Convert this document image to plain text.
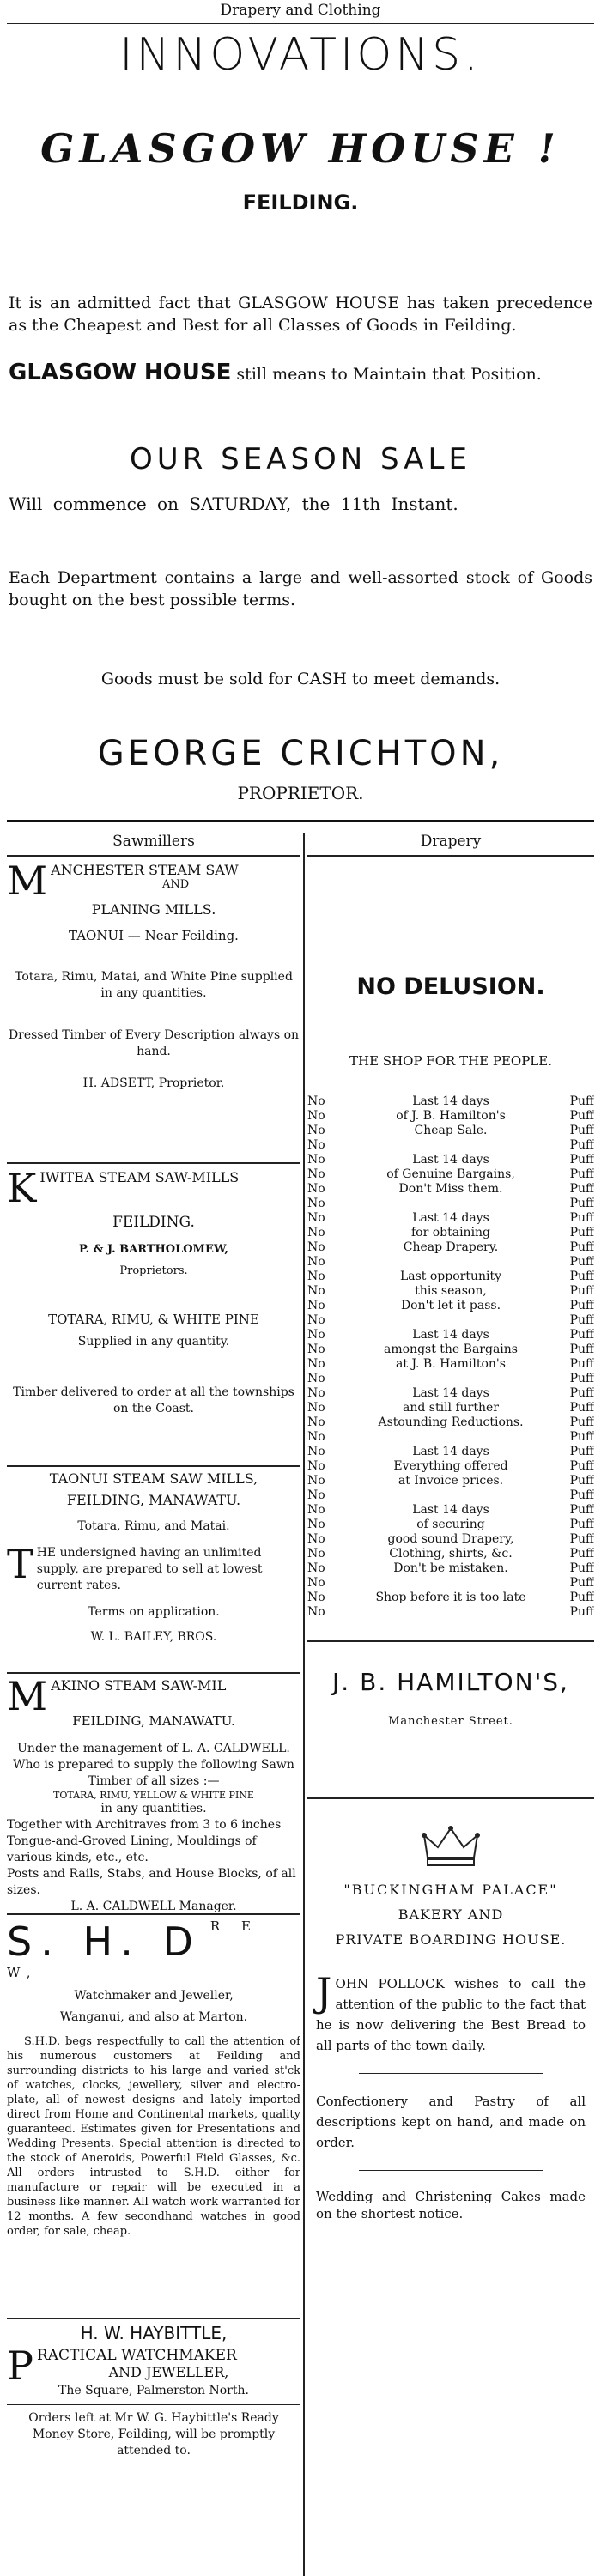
Drapery and Clothing
INNOVATIONS.
GLASGOW HOUSE !
FEILDING.
It is an admitted fact that GLASGOW HOUSE has taken precedence as the Cheapest and Best for all Classes of Goods in Feilding.
GLASGOW HOUSE still means to Maintain that Position.
OUR SEASON SALE
Will commence on SATURDAY, the 11th Instant.
Each Department contains a large and well-assorted stock of Goods bought on the best possible terms.
Goods must be sold for CASH to meet demands.
GEORGE CRICHTON,
PROPRIETOR.
Sawmillers
MANCHESTER STEAM SAW
AND
PLANING MILLS.
TAONUI — Near Feilding.
Totara, Rimu, Matai, and White Pine supplied in any quantities.
Dressed Timber of Every Description always on hand.
H. ADSETT, Proprietor.
KIWITEA STEAM SAW-MILLS
FEILDING.
P. & J. BARTHOLOMEW,
Proprietors.
TOTARA, RIMU, & WHITE PINE
Supplied in any quantity.
Timber delivered to order at all the townships on the Coast.
TAONUI STEAM SAW MILLS,
FEILDING, MANAWATU.
Totara, Rimu, and Matai.
THE undersigned having an unlimited supply, are prepared to sell at lowest current rates.
Terms on application.
W. L. BAILEY, BROS.
MAKINO STEAM SAW-MIL
FEILDING, MANAWATU.
Under the management of L. A. CALDWELL.
Who is prepared to supply the following Sawn Timber of all sizes :—
TOTARA, RIMU, YELLOW & WHITE PINE
in any quantities.
Together with Architraves from 3 to 6 inches Tongue-and-Groved Lining, Mouldings of various kinds, etc., etc.
Posts and Rails, Stabs, and House Blocks, of all sizes.
L. A. CALDWELL Manager.
S. H. D R E W,
Watchmaker and Jeweller,
Wanganui, and also at Marton.
S.H.D. begs respectfully to call the attention of his numerous customers at Feilding and surrounding districts to his large and varied st'ck of watches, clocks, jewellery, silver and electro-plate, all of newest designs and lately imported direct from Home and Continental markets, quality guaranteed. Estimates given for Presentations and Wedding Presents. Special attention is directed to the stock of Aneroids, Powerful Field Glasses, &c. All orders intrusted to S.H.D. either for manufacture or repair will be executed in a business like manner. All watch work warranted for 12 months. A few secondhand watches in good order, for sale, cheap.
H. W. HAYBITTLE,
PRACTICAL WATCHMAKER
AND JEWELLER,
The Square, Palmerston North.
Orders left at Mr W. G. Haybittle's Ready Money Store, Feilding, will be promptly attended to.
Drapery
NO DELUSION.
THE SHOP FOR THE PEOPLE.
No	Last 14 days	Puff
No	of J. B. Hamilton's	Puff
No	Cheap Sale.	Puff
No	Puff
No	Last 14 days	Puff
No	of Genuine Bargains,	Puff
No	Don't Miss them.	Puff
No	Puff
No	Last 14 days	Puff
No	for obtaining	Puff
No	Cheap Drapery.	Puff
No	Puff
No	Last opportunity	Puff
No	this season,	Puff
No	Don't let it pass.	Puff
No	Puff
No	Last 14 days	Puff
No	amongst the Bargains	Puff
No	at J. B. Hamilton's	Puff
No	Puff
No	Last 14 days	Puff
No	and still further	Puff
No	Astounding Reductions.	Puff
No	Puff
No	Last 14 days	Puff
No	Everything offered	Puff
No	at Invoice prices.	Puff
No	Puff
No	Last 14 days	Puff
No	of securing	Puff
No	good sound Drapery,	Puff
No	Clothing, shirts, &c.	Puff
No	Don't be mistaken.	Puff
No	Puff
No	Shop before it is too late	Puff
No	Puff
J. B. HAMILTON'S,
Manchester Street.
"BUCKINGHAM PALACE"
BAKERY AND
PRIVATE BOARDING HOUSE.
JOHN POLLOCK wishes to call the attention of the public to the fact that he is now delivering the Best Bread to all parts of the town daily.
Confectionery and Pastry of all descriptions kept on hand, and made on order.
Wedding and Christening Cakes made on the shortest notice.
